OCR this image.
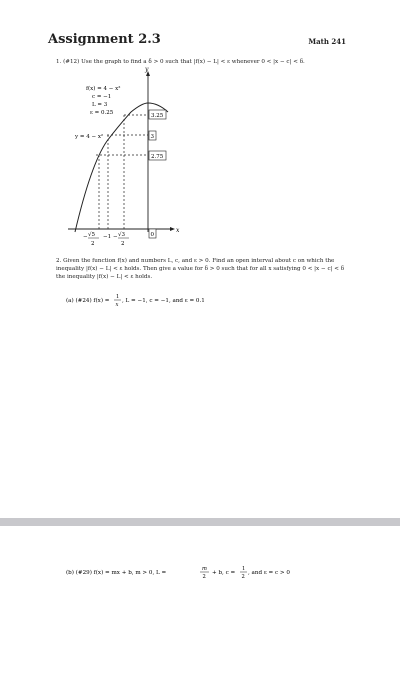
Assignment 2.3	Math 241
1. (#12) Use the graph to find a δ > 0 such that |f(x) − L| < ε whenever 0 < |x − c| < δ.
3.25
3
2.75
f(x) = 4 − x²
c = −1
L = 3
ε = 0.25
y = 4 − x²
y
x
0
−1
− √5
2
− √3
2
2. Given the function f(x) and numbers L, c, and ε > 0. Find an open interval about c on which the inequality |f(x) − L| < ε holds. Then give a value for δ > 0 such that for all x satisfying 0 < |x − c| < δ the inequality |f(x) − L| < ε holds.
(a) (#24) f(x) =
1
x
, L = −1, c = −1, and ε = 0.1
(b) (#29) f(x) = mx + b, m > 0, L =
m
2
+ b, c =
1
2
, and ε = c > 0
